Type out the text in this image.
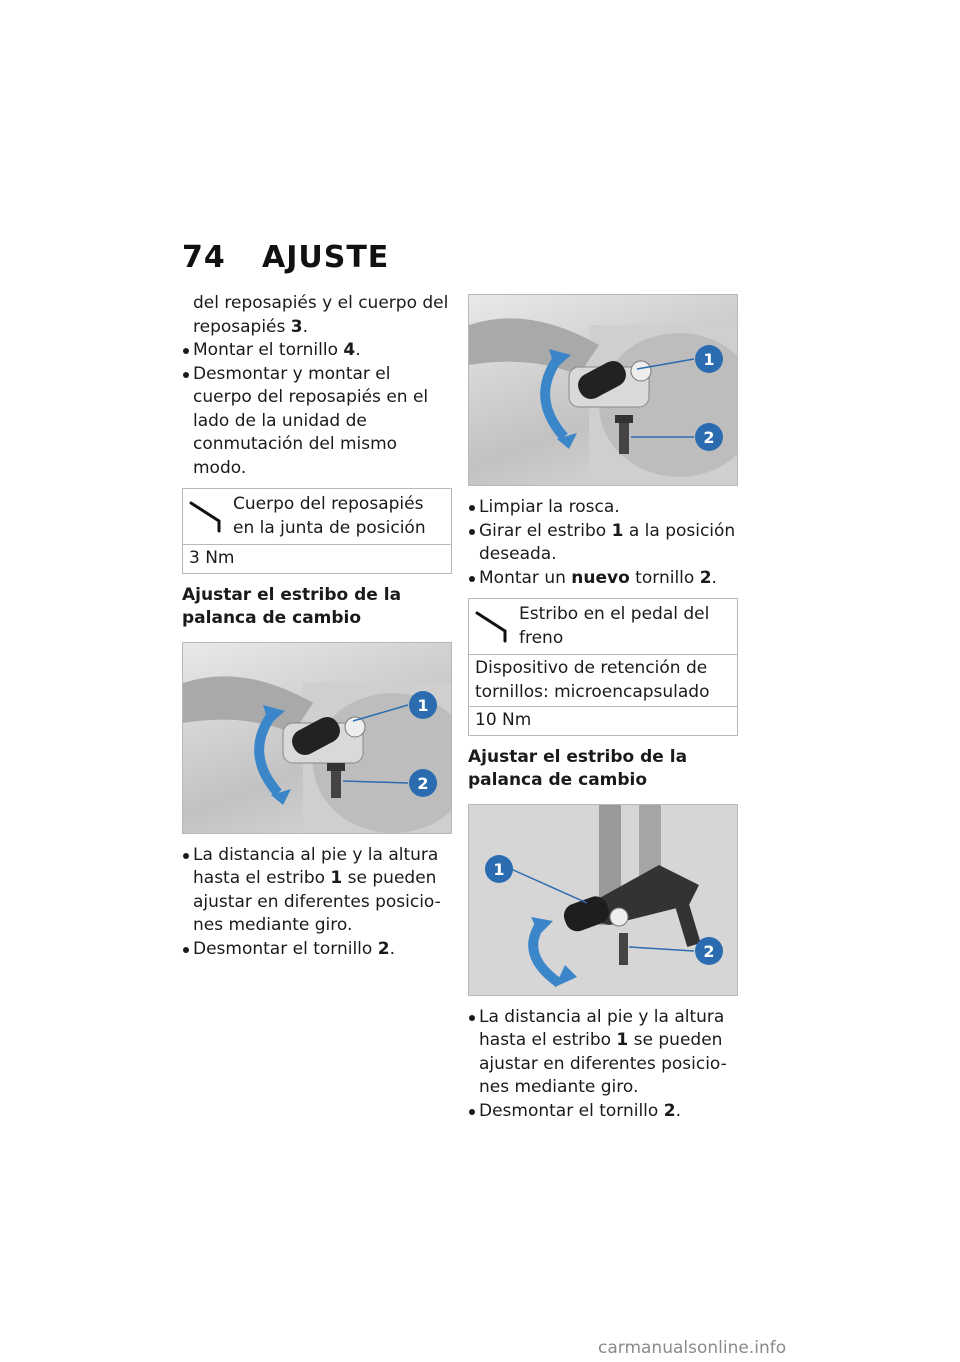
74 AJUSTE

del reposapiés y el cuerpo del
reposapiés 3.

Montar el tornillo 4.

Desmontar y montar el cuerpo del reposapiés en el lado de la unidad de conmutación del mismo modo.

Cuerpo del reposapiés en la junta de posición
3 Nm
Ajustar el estribo de la palanca de cambio
1
2

La distancia al pie y la altura hasta el estribo 1 se pueden ajustar en diferentes posicio-nes mediante giro.

Desmontar el tornillo 2.

1
2

Limpiar la rosca.

Girar el estribo 1 a la posición deseada.

Montar un nuevo tornillo 2.

Estribo en el pedal del freno
Dispositivo de retención de tornillos: microencapsulado
10 Nm
Ajustar el estribo de la palanca de cambio
1
2

La distancia al pie y la altura hasta el estribo 1 se pueden ajustar en diferentes posicio-nes mediante giro.

Desmontar el tornillo 2.

carmanualsonline.info
